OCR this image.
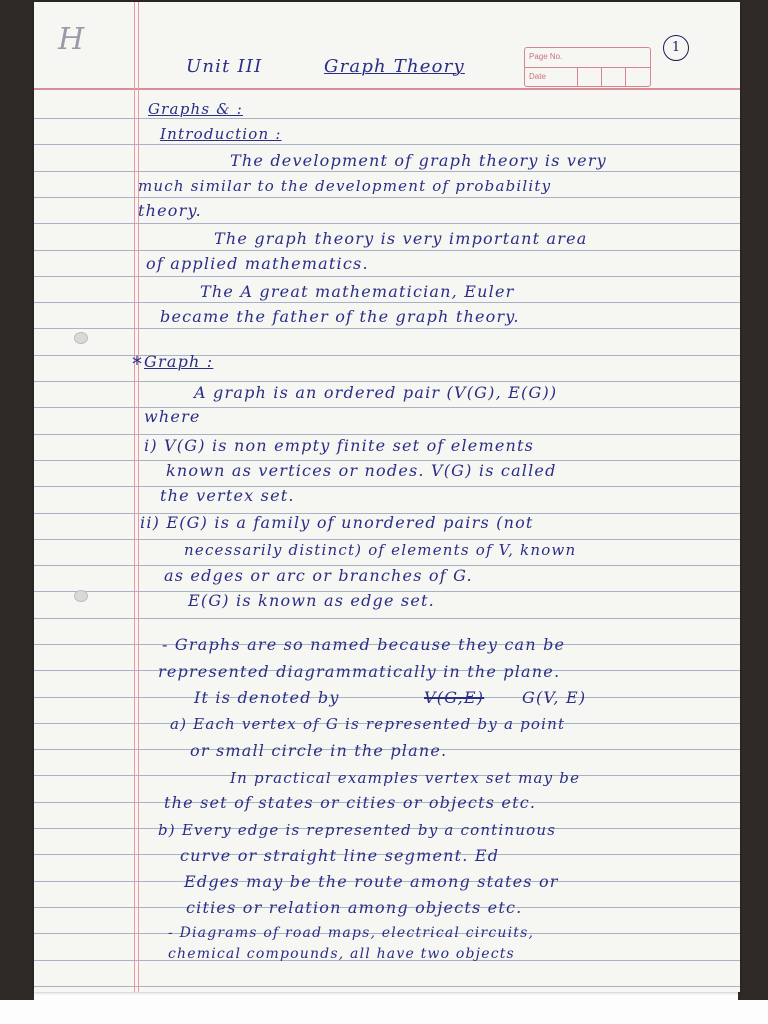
H	Page No.
Date
1
Unit III	Graph Theory
Graphs & :
Introduction :
The development of graph theory is very
much similar to the development of probability
theory.
The graph theory is very important area
of applied mathematics.
The A great mathematician, Euler
became the father of the graph theory.
* Graph :
A graph is an ordered pair (V(G), E(G))
where
i) V(G) is non empty finite set of elements
known as vertices or nodes. V(G) is called
the vertex set.
ii) E(G) is a family of unordered pairs (not
necessarily distinct) of elements of V, known
as edges or arc or branches of G.
E(G) is known as edge set.
- Graphs are so named because they can be
represented diagrammatically in the plane.
It is denoted by	V(G,E) G(V, E)
a) Each vertex of G is represented by a point
or small circle in the plane.
In practical examples vertex set may be
the set of states or cities or objects etc.
b) Every edge is represented by a continuous
curve or straight line segment. Ed
Edges may be the route among states or
cities or relation among objects etc.
- Diagrams of road maps, electrical circuits,
chemical compounds, all have two objects
